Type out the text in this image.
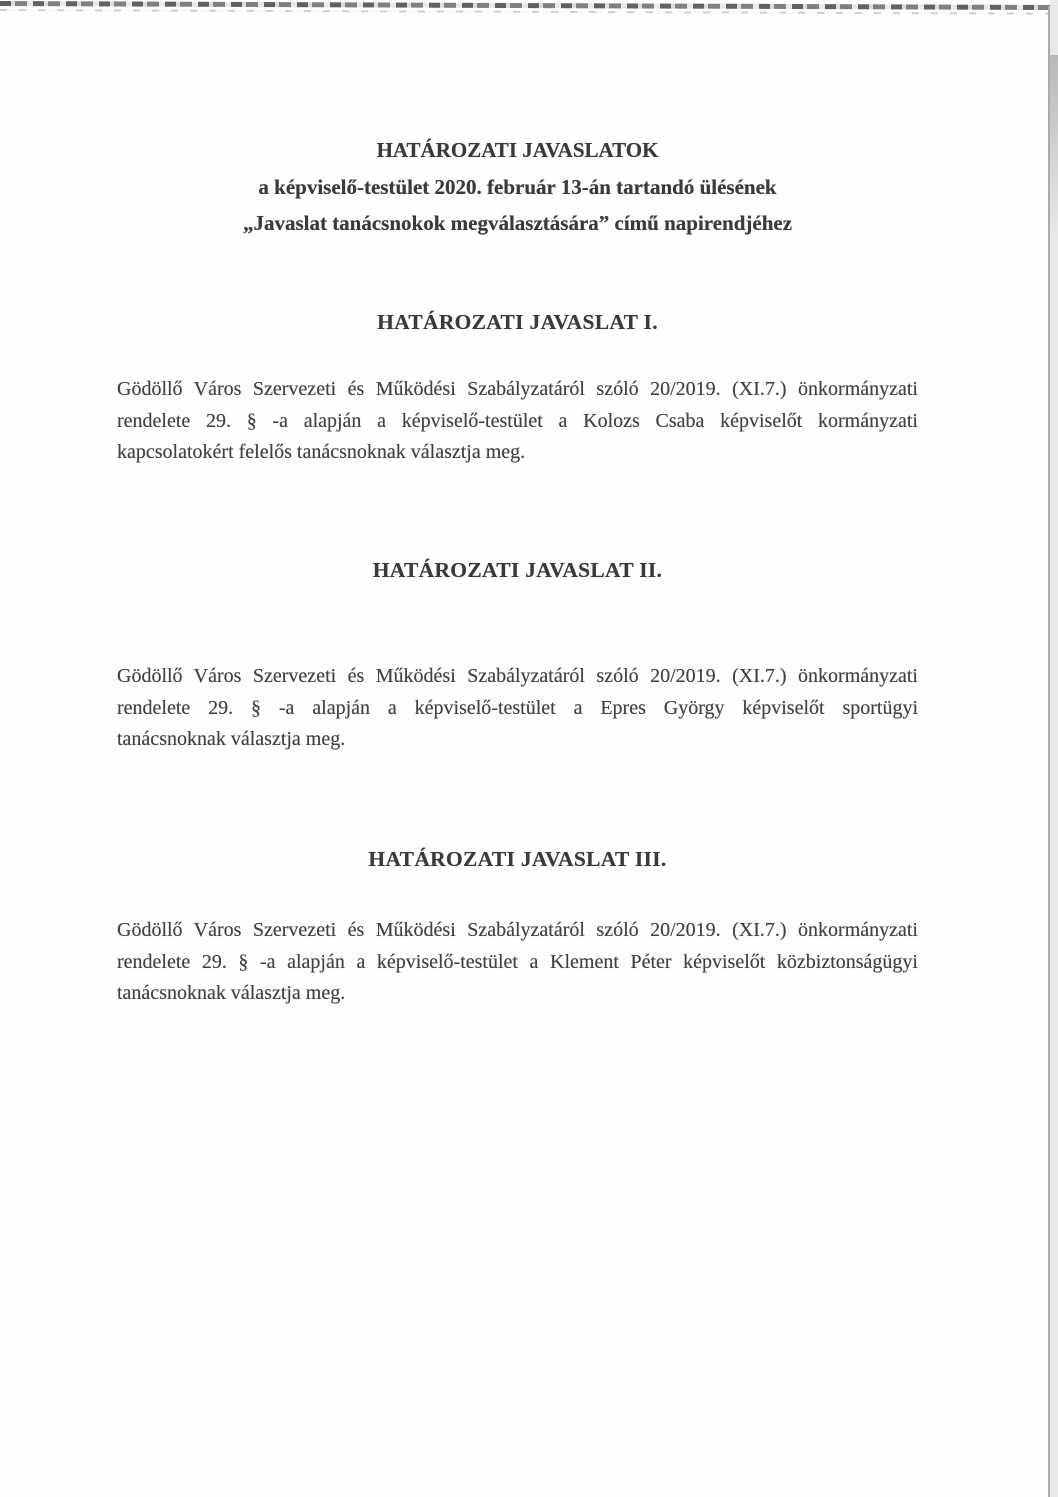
HATÁROZATI JAVASLATOK
a képviselő-testület 2020. február 13-án tartandó ülésének
„Javaslat tanácsnokok megválasztására” című napirendjéhez
HATÁROZATI JAVASLAT I.
Gödöllő Város Szervezeti és Működési Szabályzatáról szóló 20/2019. (XI.7.) önkormányzati
rendelete 29. § -a alapján a képviselő-testület a Kolozs Csaba képviselőt kormányzati
kapcsolatokért felelős tanácsnoknak választja meg.
HATÁROZATI JAVASLAT II.
Gödöllő Város Szervezeti és Működési Szabályzatáról szóló 20/2019. (XI.7.) önkormányzati
rendelete 29. § -a alapján a képviselő-testület a Epres György képviselőt sportügyi
tanácsnoknak választja meg.
HATÁROZATI JAVASLAT III.
Gödöllő Város Szervezeti és Működési Szabályzatáról szóló 20/2019. (XI.7.) önkormányzati
rendelete 29. § -a alapján a képviselő-testület a Klement Péter képviselőt közbiztonságügyi
tanácsnoknak választja meg.
